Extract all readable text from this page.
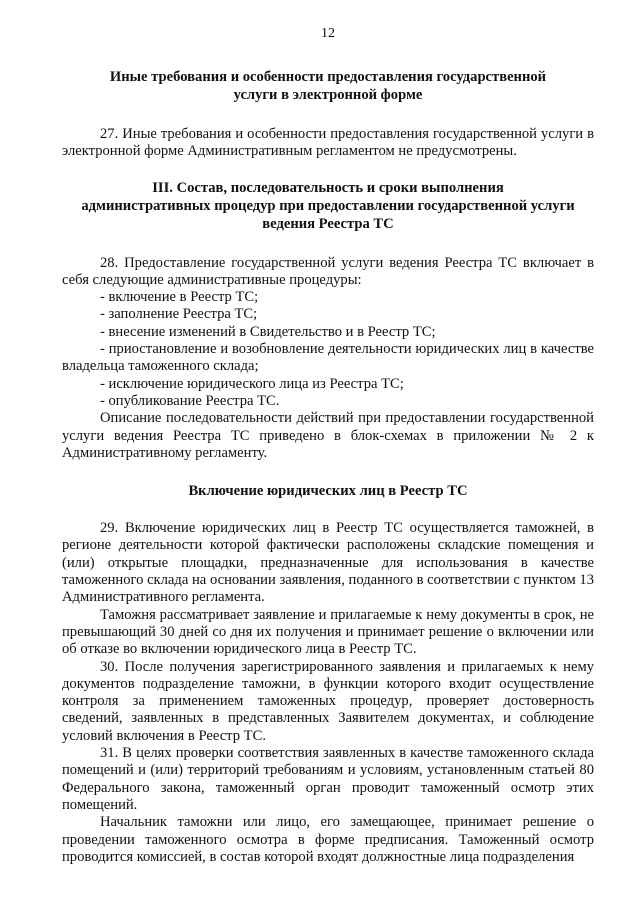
12
Иные требования и особенности предоставления государственной
услуги в электронной форме

27. Иные требования и особенности предоставления государственной услуги в электронной форме Административным регламентом не предусмотрены.

III. Состав, последовательность и сроки выполнения
административных процедур при предоставлении государственной услуги
ведения Реестра ТС

28. Предоставление государственной услуги ведения Реестра ТС включает в себя следующие административные процедуры:

- включение в Реестр ТС;
- заполнение Реестра ТС;
- внесение изменений в Свидетельство и в Реестр ТС;
- приостановление и возобновление деятельности юридических лиц в качестве владельца таможенного склада;
- исключение юридического лица из Реестра ТС;
- опубликование Реестра ТС.

Описание последовательности действий при предоставлении государственной услуги ведения Реестра ТС приведено в блок-схемах в приложении № 2 к Административному регламенту.

Включение юридических лиц в Реестр ТС

29. Включение юридических лиц в Реестр ТС осуществляется таможней, в регионе деятельности которой фактически расположены складские помещения и (или) открытые площадки, предназначенные для использования в качестве таможенного склада на основании заявления, поданного в соответствии с пунктом 13 Административного регламента.

Таможня рассматривает заявление и прилагаемые к нему документы в срок, не превышающий 30 дней со дня их получения и принимает решение о включении или об отказе во включении юридического лица в Реестр ТС.

30. После получения зарегистрированного заявления и прилагаемых к нему документов подразделение таможни, в функции которого входит осуществление контроля за применением таможенных процедур, проверяет достоверность сведений, заявленных в представленных Заявителем документах, и соблюдение условий включения в Реестр ТС.

31. В целях проверки соответствия заявленных в качестве таможенного склада помещений и (или) территорий требованиям и условиям, установленным статьей 80 Федерального закона, таможенный орган проводит таможенный осмотр этих помещений.

Начальник таможни или лицо, его замещающее, принимает решение о проведении таможенного осмотра в форме предписания. Таможенный осмотр проводится комиссией, в состав которой входят должностные лица подразделения
